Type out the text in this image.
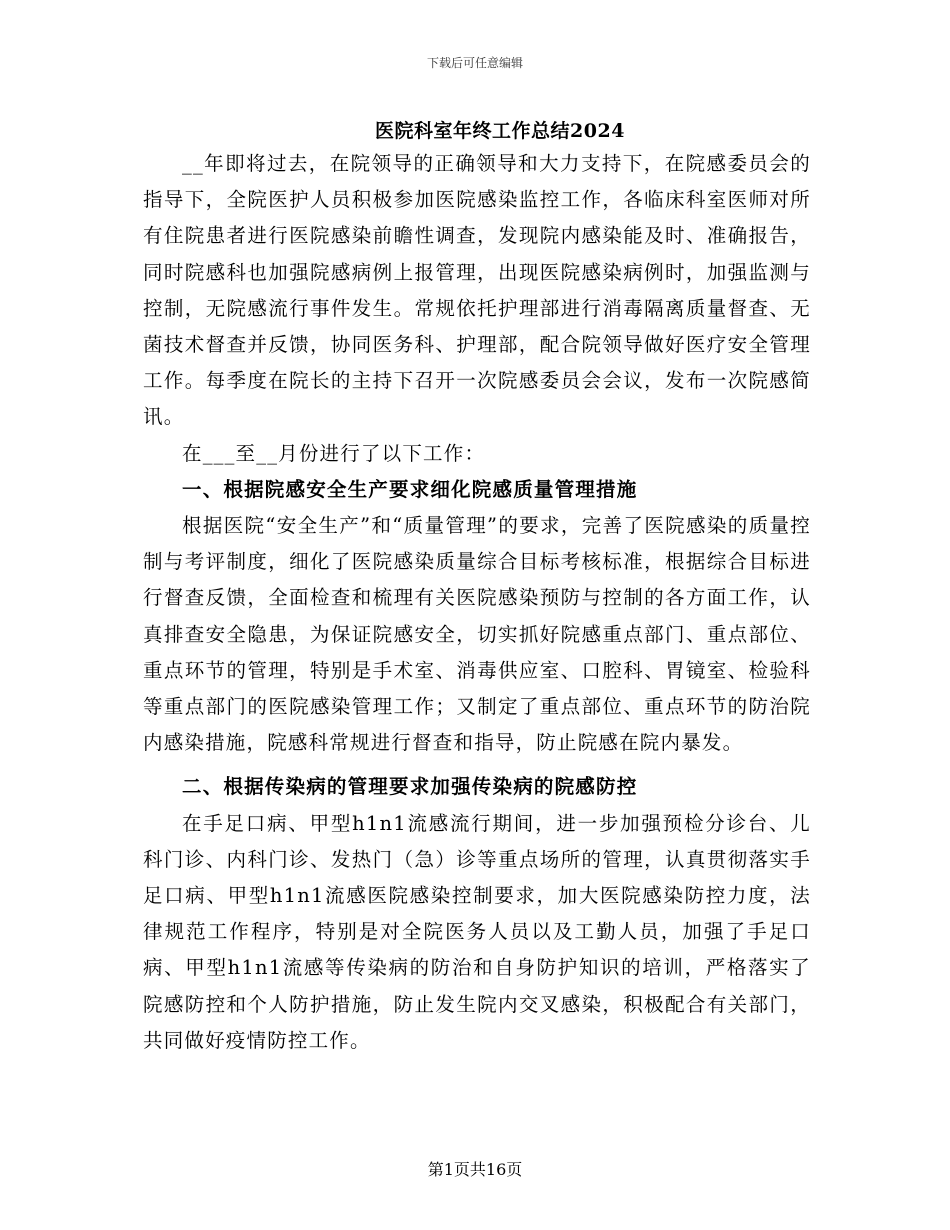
下载后可任意编辑
医院科室年终工作总结2024

__年即将过去，在院领导的正确领导和大力支持下，在院感委员会的指导下，全院医护人员积极参加医院感染监控工作，各临床科室医师对所有住院患者进行医院感染前瞻性调查，发现院内感染能及时、准确报告，同时院感科也加强院感病例上报管理，出现医院感染病例时，加强监测与控制，无院感流行事件发生。常规依托护理部进行消毒隔离质量督查、无菌技术督查并反馈，协同医务科、护理部，配合院领导做好医疗安全管理工作。每季度在院长的主持下召开一次院感委员会会议，发布一次院感简讯。

在___至__月份进行了以下工作：

一、根据院感安全生产要求细化院感质量管理措施

根据医院“安全生产”和“质量管理”的要求，完善了医院感染的质量控制与考评制度，细化了医院感染质量综合目标考核标准，根据综合目标进行督查反馈，全面检查和梳理有关医院感染预防与控制的各方面工作，认真排查安全隐患，为保证院感安全，切实抓好院感重点部门、重点部位、重点环节的管理，特别是手术室、消毒供应室、口腔科、胃镜室、检验科等重点部门的医院感染管理工作；又制定了重点部位、重点环节的防治院内感染措施，院感科常规进行督查和指导，防止院感在院内暴发。

二、根据传染病的管理要求加强传染病的院感防控

在手足口病、甲型h1n1流感流行期间，进一步加强预检分诊台、儿科门诊、内科门诊、发热门（急）诊等重点场所的管理，认真贯彻落实手足口病、甲型h1n1流感医院感染控制要求，加大医院感染防控力度，法律规范工作程序，特别是对全院医务人员以及工勤人员，加强了手足口病、甲型h1n1流感等传染病的防治和自身防护知识的培训，严格落实了院感防控和个人防护措施，防止发生院内交叉感染，积极配合有关部门，共同做好疫情防控工作。

第1页共16页
